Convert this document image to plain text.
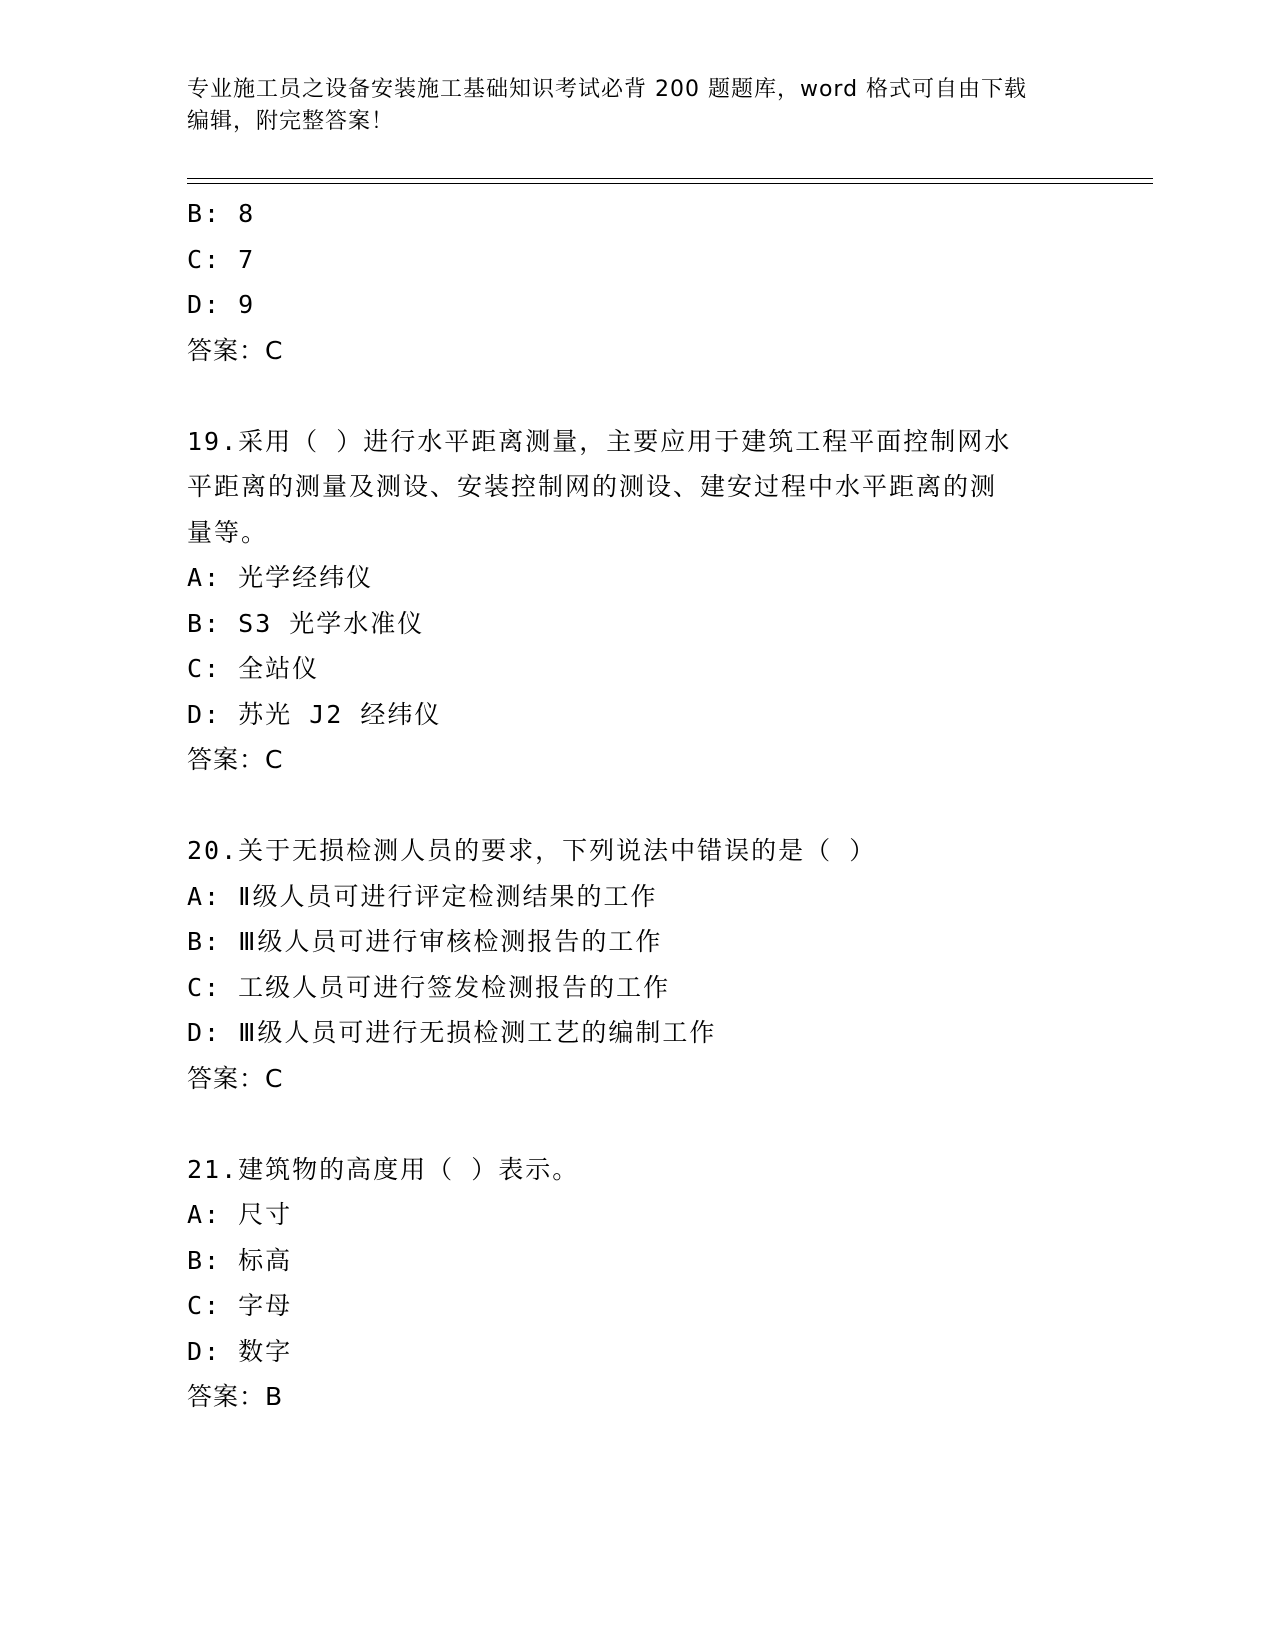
专业施工员之设备安装施工基础知识考试必背 200 题题库，word 格式可自由下载
编辑，附完整答案！
B: 8
C: 7
D: 9
答案：C
19.采用（ ）进行水平距离测量，主要应用于建筑工程平面控制网水
平距离的测量及测设、安装控制网的测设、建安过程中水平距离的测
量等。
A: 光学经纬仪
B: S3 光学水准仪
C: 全站仪
D: 苏光 J2 经纬仪
答案：C
20.关于无损检测人员的要求，下列说法中错误的是（ ）
A: Ⅱ级人员可进行评定检测结果的工作
B: Ⅲ级人员可进行审核检测报告的工作
C: 工级人员可进行签发检测报告的工作
D: Ⅲ级人员可进行无损检测工艺的编制工作
答案：C
21.建筑物的高度用（ ）表示。
A: 尺寸
B: 标高
C: 字母
D: 数字
答案：B
